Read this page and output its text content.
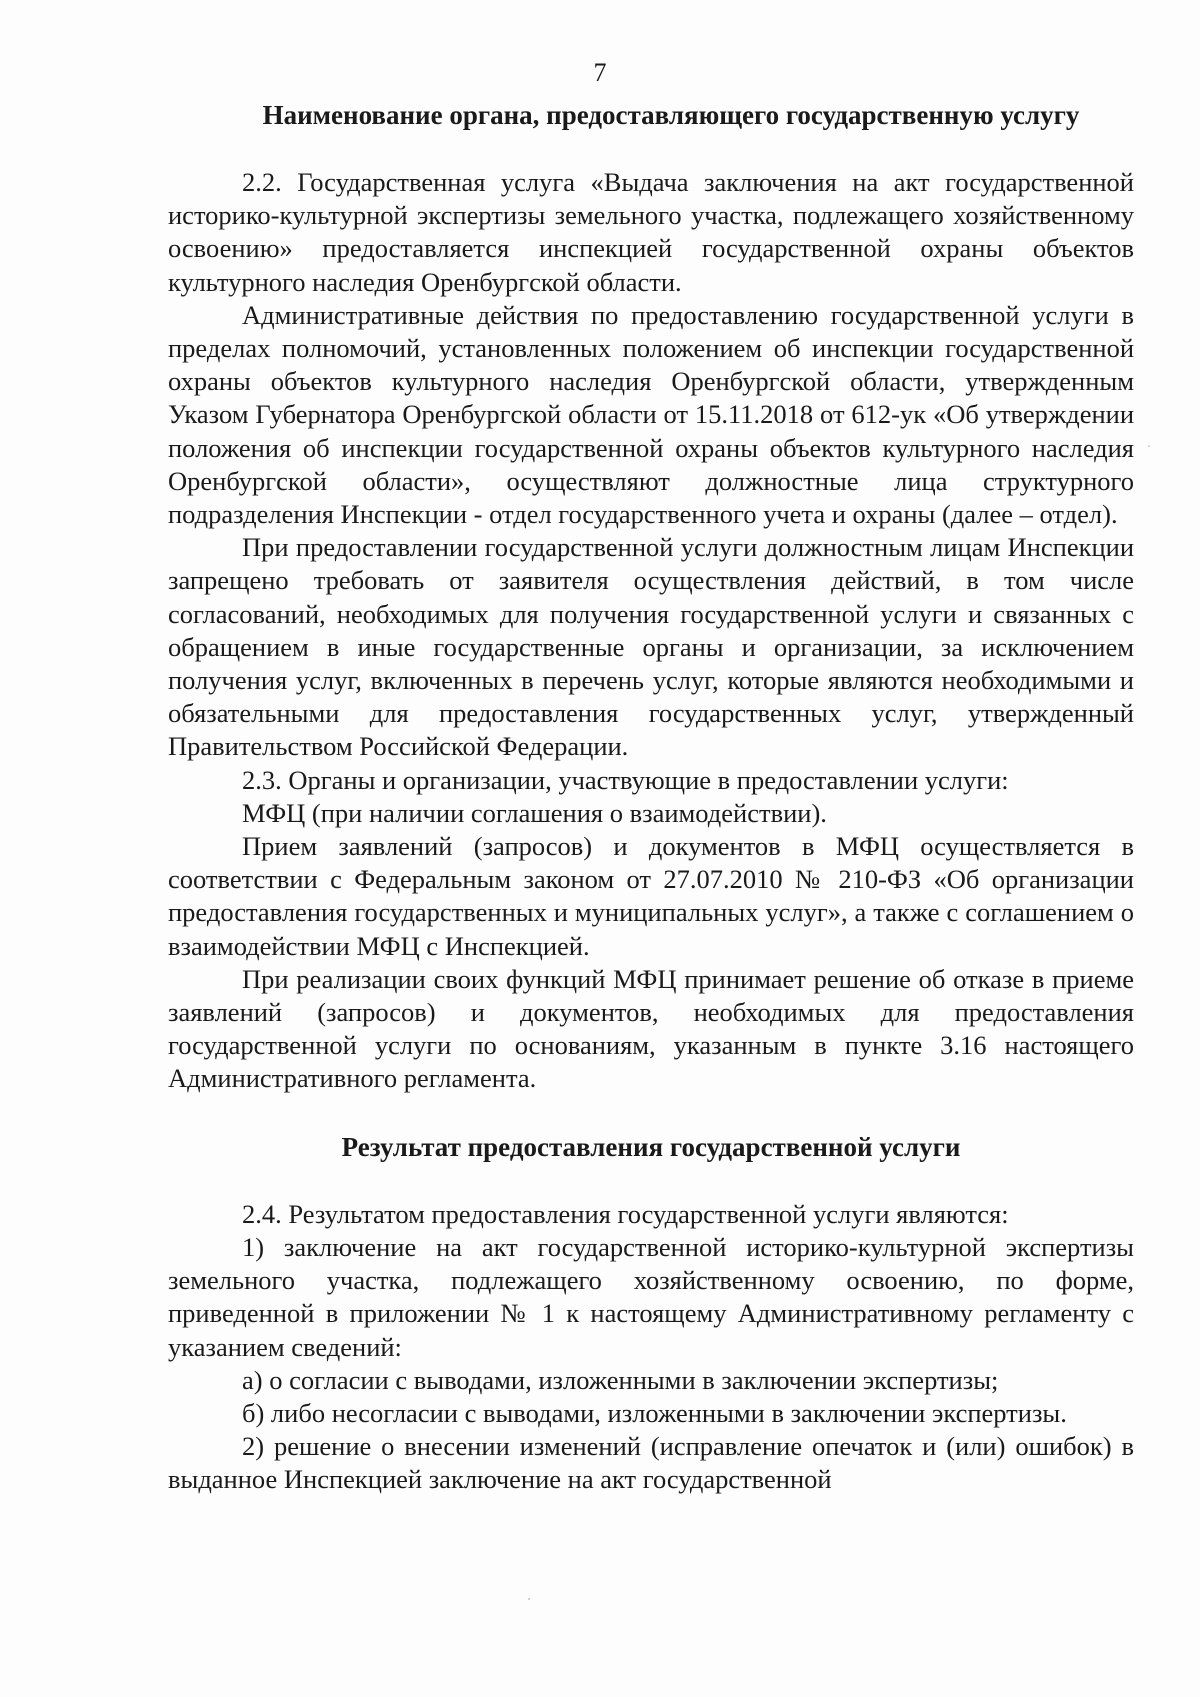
7
Наименование органа, предоставляющего государственную услугу

2.2. Государственная услуга «Выдача заключения на акт государственной историко-культурной экспертизы земельного участка, подлежащего хозяйственному освоению» предоставляется инспекцией государственной охраны объектов культурного наследия Оренбургской области.

Административные действия по предоставлению государственной услуги в пределах полномочий, установленных положением об инспекции государственной охраны объектов культурного наследия Оренбургской области, утвержденным Указом Губернатора Оренбургской области от 15.11.2018 от 612-ук «Об утверждении положения об инспекции государственной охраны объектов культурного наследия Оренбургской области», осуществляют должностные лица структурного подразделения Инспекции - отдел государственного учета и охраны (далее – отдел).

При предоставлении государственной услуги должностным лицам Инспекции запрещено требовать от заявителя осуществления действий, в том числе согласований, необходимых для получения государственной услуги и связанных с обращением в иные государственные органы и организации, за исключением получения услуг, включенных в перечень услуг, которые являются необходимыми и обязательными для предоставления государственных услуг, утвержденный Правительством Российской Федерации.

2.3. Органы и организации, участвующие в предоставлении услуги:

МФЦ (при наличии соглашения о взаимодействии).

Прием заявлений (запросов) и документов в МФЦ осуществляется в соответствии с Федеральным законом от 27.07.2010 № 210-ФЗ «Об организации предоставления государственных и муниципальных услуг», а также с соглашением о взаимодействии МФЦ с Инспекцией.

При реализации своих функций МФЦ принимает решение об отказе в приеме заявлений (запросов) и документов, необходимых для предоставления государственной услуги по основаниям, указанным в пункте 3.16 настоящего Административного регламента.

Результат предоставления государственной услуги

2.4. Результатом предоставления государственной услуги являются:

1) заключение на акт государственной историко-культурной экспертизы земельного участка, подлежащего хозяйственному освоению, по форме, приведенной в приложении № 1 к настоящему Административному регламенту с указанием сведений:

а) о согласии с выводами, изложенными в заключении экспертизы;

б) либо несогласии с выводами, изложенными в заключении экспертизы.

2) решение о внесении изменений (исправление опечаток и (или) ошибок) в выданное Инспекцией заключение на акт государственной
